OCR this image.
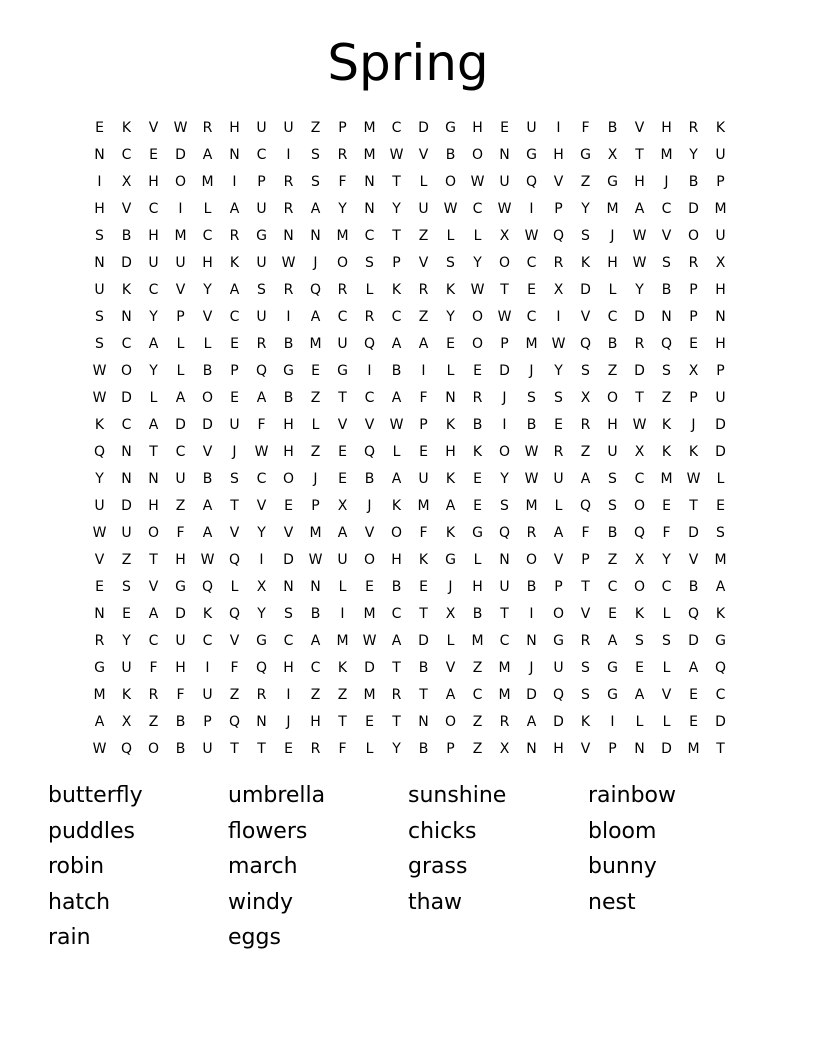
Spring
E	K	V	W	R	H	U	U	Z	P	M	C	D	G	H	E	U	I	F	B	V	H	R	K
N	C	E	D	A	N	C	I	S	R	M	W	V	B	O	N	G	H	G	X	T	M	Y	U
I	X	H	O	M	I	P	R	S	F	N	T	L	O	W	U	Q	V	Z	G	H	J	B	P
H	V	C	I	L	A	U	R	A	Y	N	Y	U	W	C	W	I	P	Y	M	A	C	D	M
S	B	H	M	C	R	G	N	N	M	C	T	Z	L	L	X	W	Q	S	J	W	V	O	U
N	D	U	U	H	K	U	W	J	O	S	P	V	S	Y	O	C	R	K	H	W	S	R	X
U	K	C	V	Y	A	S	R	Q	R	L	K	R	K	W	T	E	X	D	L	Y	B	P	H
S	N	Y	P	V	C	U	I	A	C	R	C	Z	Y	O	W	C	I	V	C	D	N	P	N
S	C	A	L	L	E	R	B	M	U	Q	A	A	E	O	P	M	W	Q	B	R	Q	E	H
W	O	Y	L	B	P	Q	G	E	G	I	B	I	L	E	D	J	Y	S	Z	D	S	X	P
W	D	L	A	O	E	A	B	Z	T	C	A	F	N	R	J	S	S	X	O	T	Z	P	U
K	C	A	D	D	U	F	H	L	V	V	W	P	K	B	I	B	E	R	H	W	K	J	D
Q	N	T	C	V	J	W	H	Z	E	Q	L	E	H	K	O	W	R	Z	U	X	K	K	D
Y	N	N	U	B	S	C	O	J	E	B	A	U	K	E	Y	W	U	A	S	C	M	W	L
U	D	H	Z	A	T	V	E	P	X	J	K	M	A	E	S	M	L	Q	S	O	E	T	E
W	U	O	F	A	V	Y	V	M	A	V	O	F	K	G	Q	R	A	F	B	Q	F	D	S
V	Z	T	H	W	Q	I	D	W	U	O	H	K	G	L	N	O	V	P	Z	X	Y	V	M
E	S	V	G	Q	L	X	N	N	L	E	B	E	J	H	U	B	P	T	C	O	C	B	A
N	E	A	D	K	Q	Y	S	B	I	M	C	T	X	B	T	I	O	V	E	K	L	Q	K
R	Y	C	U	C	V	G	C	A	M	W	A	D	L	M	C	N	G	R	A	S	S	D	G
G	U	F	H	I	F	Q	H	C	K	D	T	B	V	Z	M	J	U	S	G	E	L	A	Q
M	K	R	F	U	Z	R	I	Z	Z	M	R	T	A	C	M	D	Q	S	G	A	V	E	C
A	X	Z	B	P	Q	N	J	H	T	E	T	N	O	Z	R	A	D	K	I	L	L	E	D
W	Q	O	B	U	T	T	E	R	F	L	Y	B	P	Z	X	N	H	V	P	N	D	M	T
butterfly	umbrella	sunshine	rainbow
puddles	flowers	chicks	bloom
robin	march	grass	bunny
hatch	windy	thaw	nest
rain	eggs
